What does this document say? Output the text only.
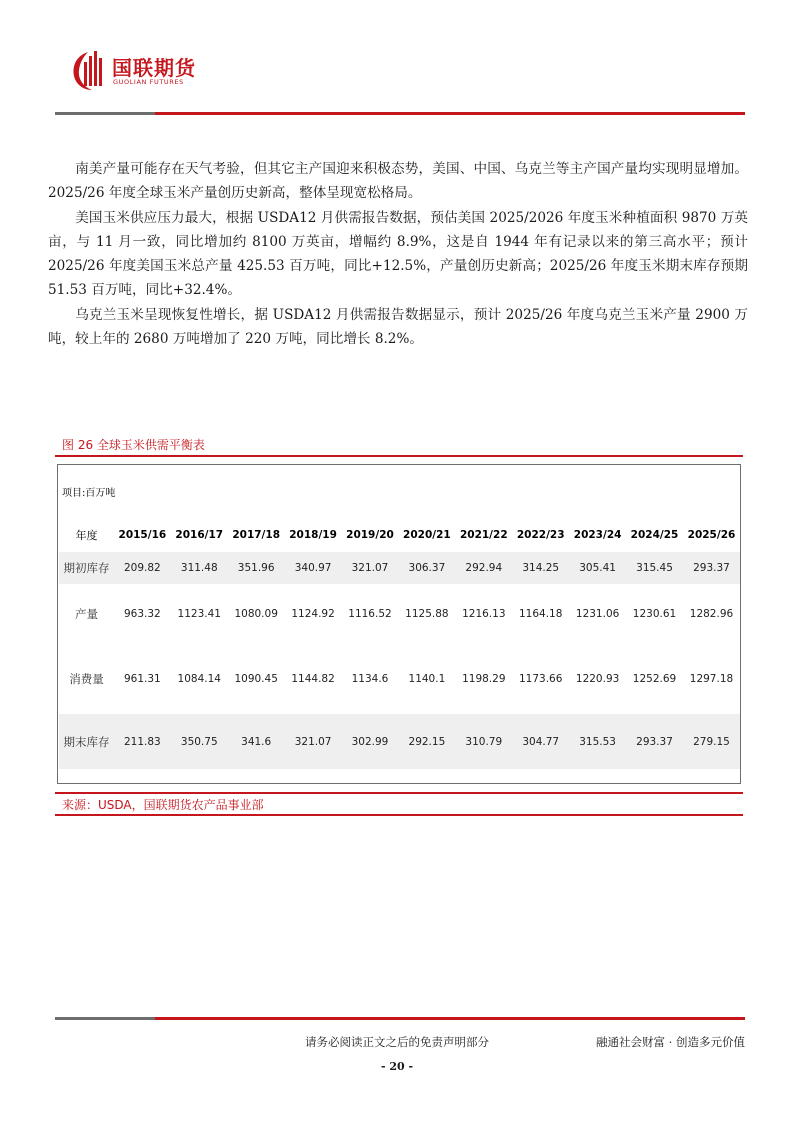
国联期货
GUOLIAN FUTURES

南美产量可能存在天气考验，但其它主产国迎来积极态势，美国、中国、乌克兰等主产国产量均实现明显增加。2025/26 年度全球玉米产量创历史新高，整体呈现宽松格局。

美国玉米供应压力最大，根据 USDA12 月供需报告数据，预估美国 2025/2026 年度玉米种植面积 9870 万英亩，与 11 月一致，同比增加约 8100 万英亩，增幅约 8.9%，这是自 1944 年有记录以来的第三高水平；预计 2025/26 年度美国玉米总产量 425.53 百万吨，同比+12.5%，产量创历史新高；2025/26 年度玉米期末库存预期 51.53 百万吨，同比+32.4%。

乌克兰玉米呈现恢复性增长，据 USDA12 月供需报告数据显示，预计 2025/26 年度乌克兰玉米产量 2900 万吨，较上年的 2680 万吨增加了 220 万吨，同比增长 8.2%。

图 26 全球玉米供需平衡表
项目:百万吨
年度	2015/16	2016/17	2017/18	2018/19	2019/20	2020/21	2021/22	2022/23	2023/24	2024/25	2025/26
期初库存	209.82	311.48	351.96	340.97	321.07	306.37	292.94	314.25	305.41	315.45	293.37
产量	963.32	1123.41	1080.09	1124.92	1116.52	1125.88	1216.13	1164.18	1231.06	1230.61	1282.96
消费量	961.31	1084.14	1090.45	1144.82	1134.6	1140.1	1198.29	1173.66	1220.93	1252.69	1297.18
期末库存	211.83	350.75	341.6	321.07	302.99	292.15	310.79	304.77	315.53	293.37	279.15
来源：USDA，国联期货农产品事业部
请务必阅读正文之后的免责声明部分	融通社会财富 · 创造多元价值
- 20 -
